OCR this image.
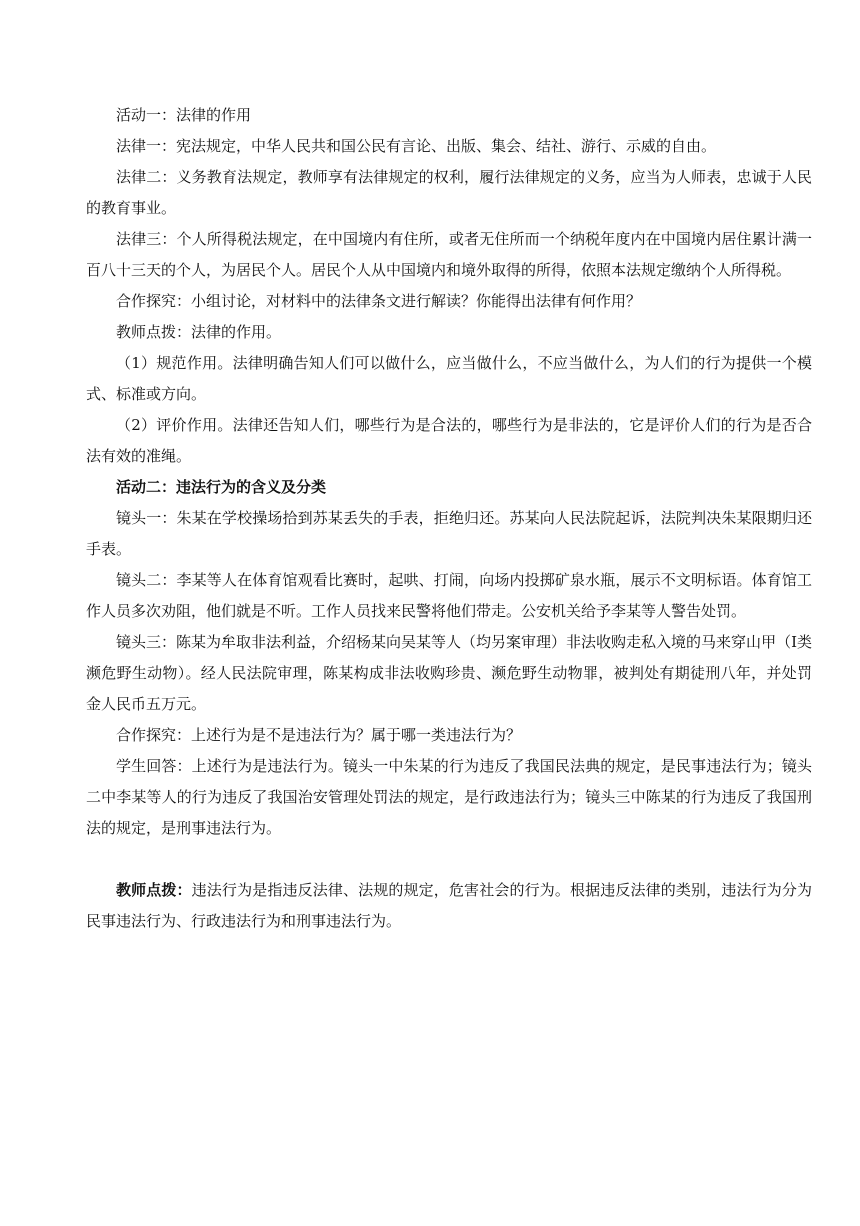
活动一：法律的作用

法律一：宪法规定，中华人民共和国公民有言论、出版、集会、结社、游行、示威的自由。

法律二：义务教育法规定，教师享有法律规定的权利，履行法律规定的义务，应当为人师表，忠诚于人民的教育事业。

法律三：个人所得税法规定，在中国境内有住所，或者无住所而一个纳税年度内在中国境内居住累计满一百八十三天的个人，为居民个人。居民个人从中国境内和境外取得的所得，依照本法规定缴纳个人所得税。

合作探究：小组讨论，对材料中的法律条文进行解读？你能得出法律有何作用？

教师点拨：法律的作用。

（1）规范作用。法律明确告知人们可以做什么，应当做什么，不应当做什么，为人们的行为提供一个模式、标准或方向。

（2）评价作用。法律还告知人们，哪些行为是合法的，哪些行为是非法的，它是评价人们的行为是否合法有效的准绳。

活动二：违法行为的含义及分类

镜头一：朱某在学校操场拾到苏某丢失的手表，拒绝归还。苏某向人民法院起诉，法院判决朱某限期归还手表。

镜头二：李某等人在体育馆观看比赛时，起哄、打闹，向场内投掷矿泉水瓶，展示不文明标语。体育馆工作人员多次劝阻，他们就是不听。工作人员找来民警将他们带走。公安机关给予李某等人警告处罚。

镜头三：陈某为牟取非法利益，介绍杨某向吴某等人（均另案审理）非法收购走私入境的马来穿山甲（Ⅰ类濒危野生动物）。经人民法院审理，陈某构成非法收购珍贵、濒危野生动物罪，被判处有期徒刑八年，并处罚金人民币五万元。

合作探究：上述行为是不是违法行为？属于哪一类违法行为？

学生回答：上述行为是违法行为。镜头一中朱某的行为违反了我国民法典的规定，是民事违法行为；镜头二中李某等人的行为违反了我国治安管理处罚法的规定，是行政违法行为；镜头三中陈某的行为违反了我国刑法的规定，是刑事违法行为。

教师点拨：违法行为是指违反法律、法规的规定，危害社会的行为。根据违反法律的类别，违法行为分为民事违法行为、行政违法行为和刑事违法行为。
